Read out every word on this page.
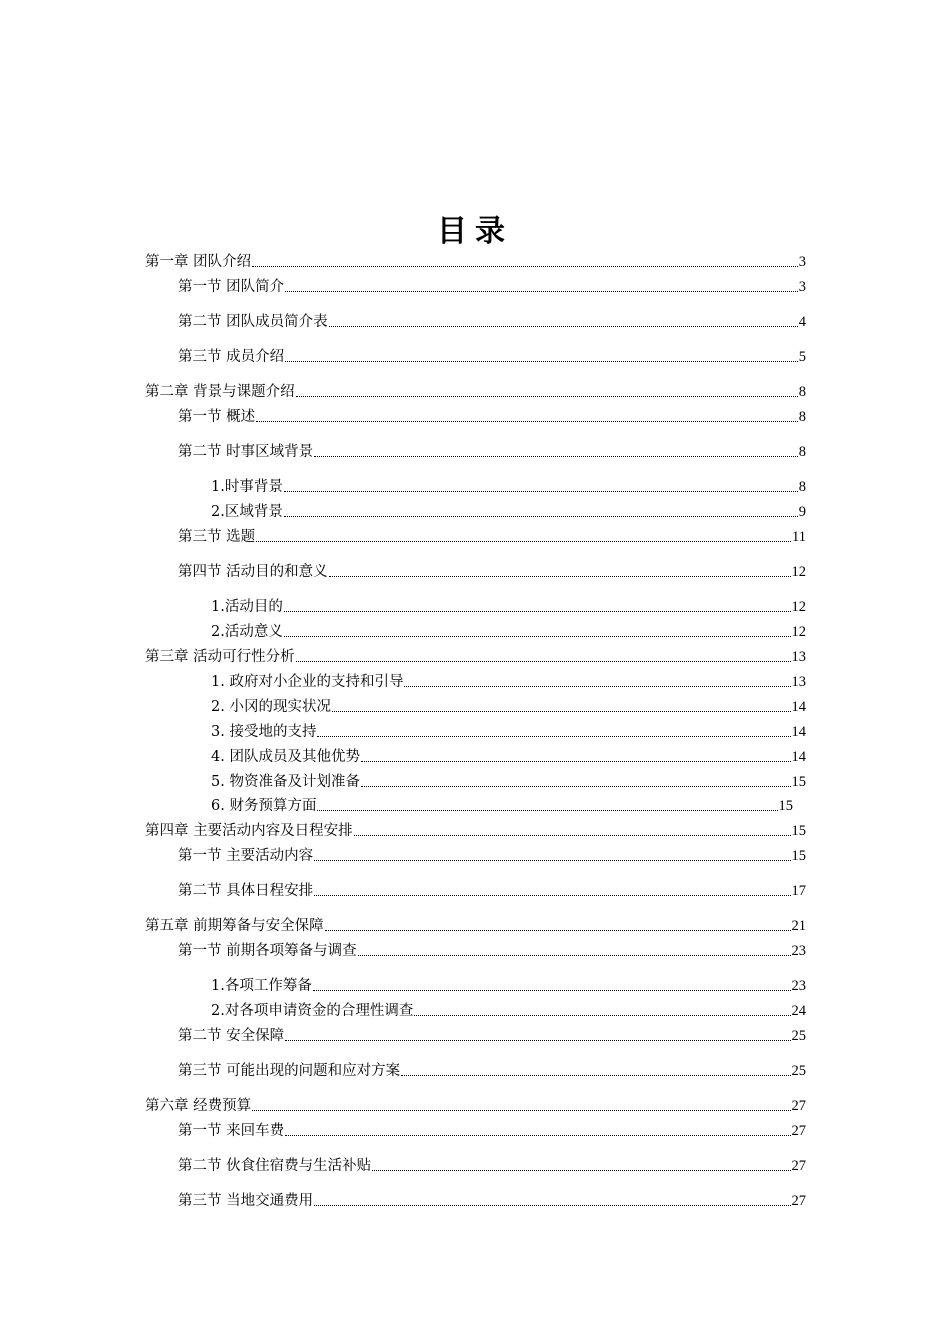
目录
第一章 团队介绍	3
第一节 团队简介	3
第二节 团队成员简介表	4
第三节 成员介绍	5
第二章 背景与课题介绍	8
第一节 概述	8
第二节 时事区域背景	8
1.时事背景	8
2.区域背景	9
第三节 选题	11
第四节 活动目的和意义	12
1.活动目的	12
2.活动意义	12
第三章 活动可行性分析	13
1. 政府对小企业的支持和引导	13
2. 小冈的现实状况	14
3. 接受地的支持	14
4. 团队成员及其他优势	14
5. 物资准备及计划准备	15
6. 财务预算方面	15
第四章 主要活动内容及日程安排	15
第一节 主要活动内容	15
第二节 具体日程安排	17
第五章 前期筹备与安全保障	21
第一节 前期各项筹备与调查	23
1.各项工作筹备	23
2.对各项申请资金的合理性调查	24
第二节 安全保障	25
第三节 可能出现的问题和应对方案	25
第六章 经费预算	27
第一节 来回车费	27
第二节 伙食住宿费与生活补贴	27
第三节 当地交通费用	27
